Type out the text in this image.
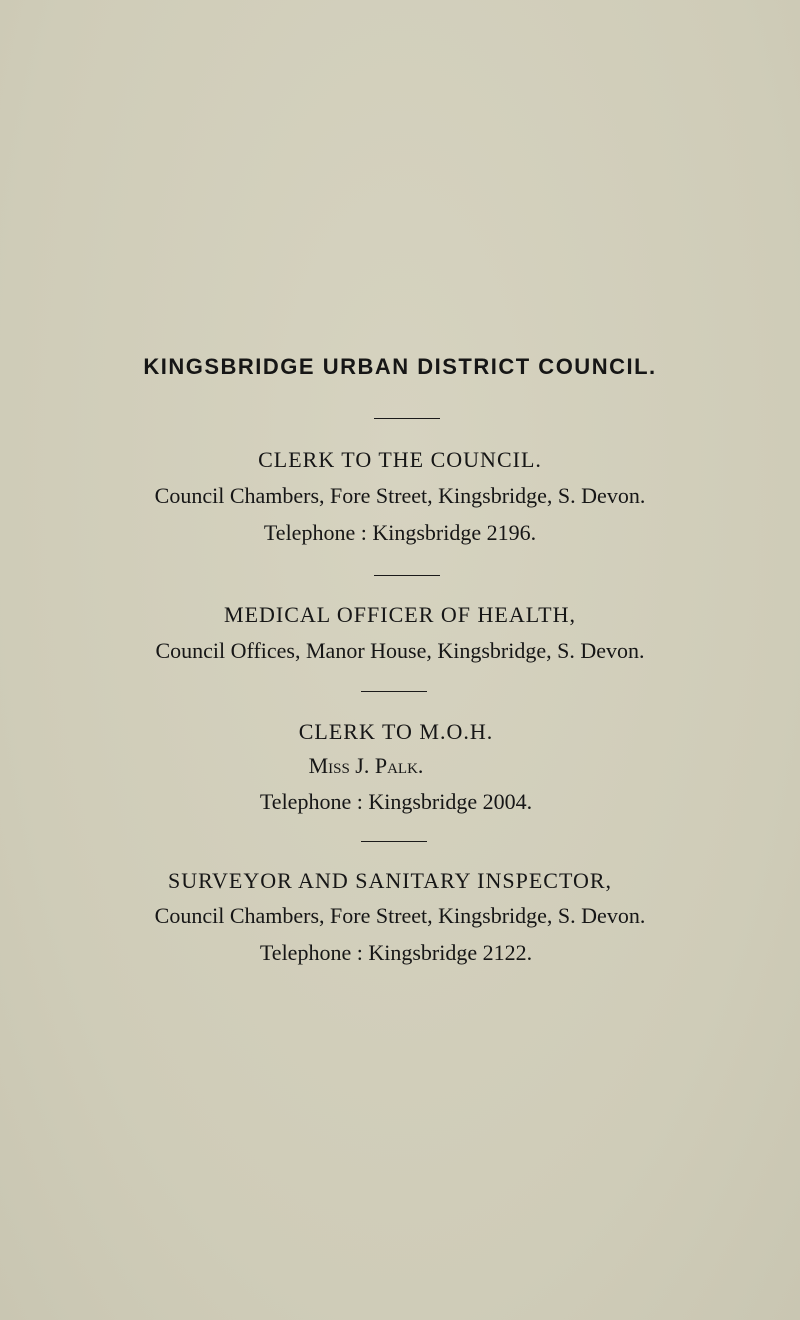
KINGSBRIDGE URBAN DISTRICT COUNCIL.
CLERK TO THE COUNCIL.
Council Chambers, Fore Street, Kingsbridge, S. Devon.
Telephone : Kingsbridge 2196.
MEDICAL OFFICER OF HEALTH,
Council Offices, Manor House, Kingsbridge, S. Devon.
CLERK TO M.O.H.
Miss J. Palk.
Telephone : Kingsbridge 2004.
SURVEYOR AND SANITARY INSPECTOR,
Council Chambers, Fore Street, Kingsbridge, S. Devon.
Telephone : Kingsbridge 2122.
